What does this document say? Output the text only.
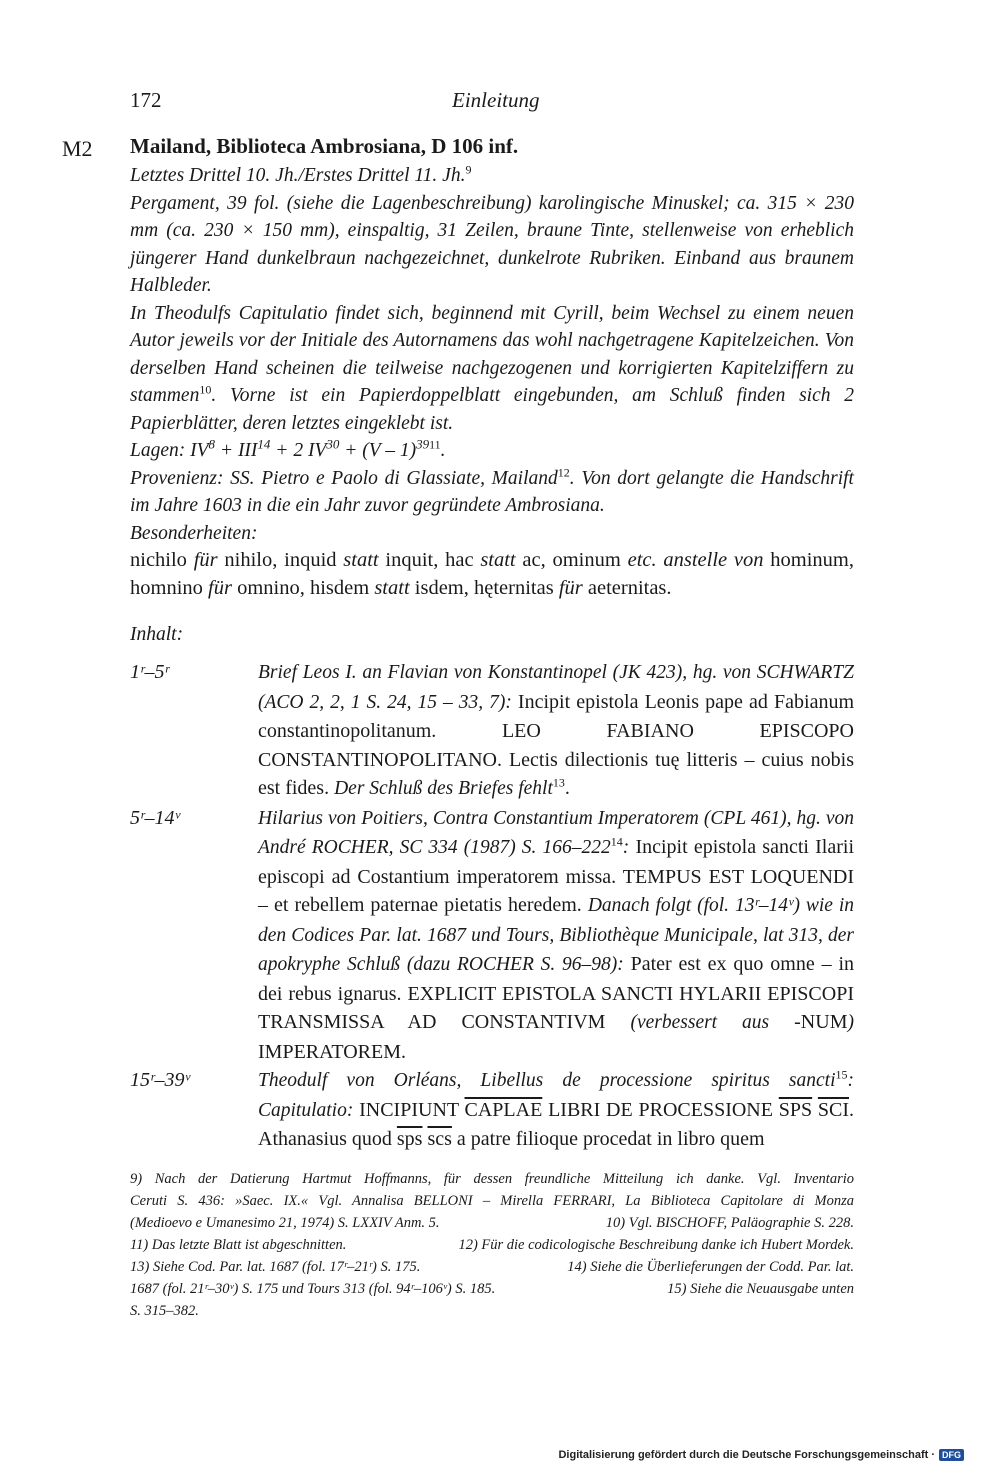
172	Einleitung
M2 Mailand, Biblioteca Ambrosiana, D 106 inf.

Letztes Drittel 10. Jh./Erstes Drittel 11. Jh.$^9$

Pergament, 39 fol. (siehe die Lagenbeschreibung) karolingische Minuskel; ca. 315 × 230 mm (ca. 230 × 150 mm), einspaltig, 31 Zeilen, braune Tinte, stellenweise von erheblich jüngerer Hand dunkelbraun nachgezeichnet, dunkelrote Rubriken. Einband aus braunem Halbleder.

In Theodulfs Capitulatio findet sich, beginnend mit Cyrill, beim Wechsel zu einem neuen Autor jeweils vor der Initiale des Autornamens das wohl nachgetragene Kapitelzeichen. Von derselben Hand scheinen die teilweise nachgezogenen und korrigierten Kapitelziffern zu stammen$^{10}$. Vorne ist ein Papierdoppelblatt eingebunden, am Schluß finden sich 2 Papierblätter, deren letztes eingeklebt ist.

Lagen: $IV^8 + III^{14} + 2$ $IV^{30} + (V - 1)^{3911}$.

Provenienz: SS. Pietro e Paolo di Glassiate, Mailand$^{12}$. Von dort gelangte die Handschrift im Jahre 1603 in die ein Jahr zuvor gegründete Ambrosiana.

Besonderheiten:

nichilo für nihilo, inquid statt inquit, hac statt ac, ominum etc. anstelle von hominum, homnino für omnino, hisdem statt isdem, hęternitas für aeternitas.

Inhalt:
1ʳ–5ʳ	Brief Leos I. an Flavian von Konstantinopel (JK 423), hg. von SCHWARTZ (ACO 2, 2, 1 S. 24, 15 – 33, 7): Incipit epistola Leonis pape ad Fabianum constantinopolitanum. LEO FABIANO EPISCOPO CONSTANTINOPOLITANO. Lectis dilectionis tuę litteris – cuius nobis est fides. Der Schluß des Briefes fehlt$^{13}$.
5ʳ–14ᵛ	Hilarius von Poitiers, Contra Constantium Imperatorem (CPL 461), hg. von André ROCHER, SC 334 (1987) S. $166-222^{14}$: Incipit epistola sancti Ilarii episcopi ad Costantium imperatorem missa. TEMPUS EST LOQUENDI – et rebellem paternae pietatis heredem. Danach folgt (fol. 13ʳ–14ᵛ) wie in den Codices Par. lat. 1687 und Tours, Bibliothèque Municipale, lat 313, der apokryphe Schluß (dazu ROCHER S. 96–98): Pater est ex quo omne – in dei rebus ignarus. EXPLICIT EPISTOLA SANCTI HYLARII EPISCOPI TRANSMISSA AD CONSTANTIVM (verbessert aus -NUM) IMPERATOREM.
15ʳ–39ᵛ	Theodulf von Orléans, Libellus de processione spiritus sancti$^{15}$: Capitulatio: INCIPIUNT CAPLAE LIBRI DE PROCESSIONE $\overline{SPS}$ $\overline{SCI}$. Athanasius quod $\overline{sps}$ $\overline{scs}$ a patre filioque procedat in libro quem
9) Nach der Datierung Hartmut Hoffmanns, für dessen freundliche Mitteilung ich danke. Vgl. Inventario
Ceruti S. 436: »Saec. IX.« Vgl. Annalisa BELLONI – Mirella FERRARI, La Biblioteca Capitolare di Monza
(Medioevo e Umanesimo 21, 1974) S. LXXIV Anm. 5.	10) Vgl. BISCHOFF, Paläographie S. 228.
11) Das letzte Blatt ist abgeschnitten.	12) Für die codicologische Beschreibung danke ich Hubert Mordek.
13) Siehe Cod. Par. lat. 1687 (fol. 17ʳ–21ʳ) S. 175.	14) Siehe die Überlieferungen der Codd. Par. lat.
1687 (fol. 21ʳ–30ᵛ) S. 175 und Tours 313 (fol. 94ʳ–106ᵛ) S. 185.	15) Siehe die Neuausgabe unten
S. 315–382.
Digitalisierung gefördert durch die Deutsche Forschungsgemeinschaft · DFG
